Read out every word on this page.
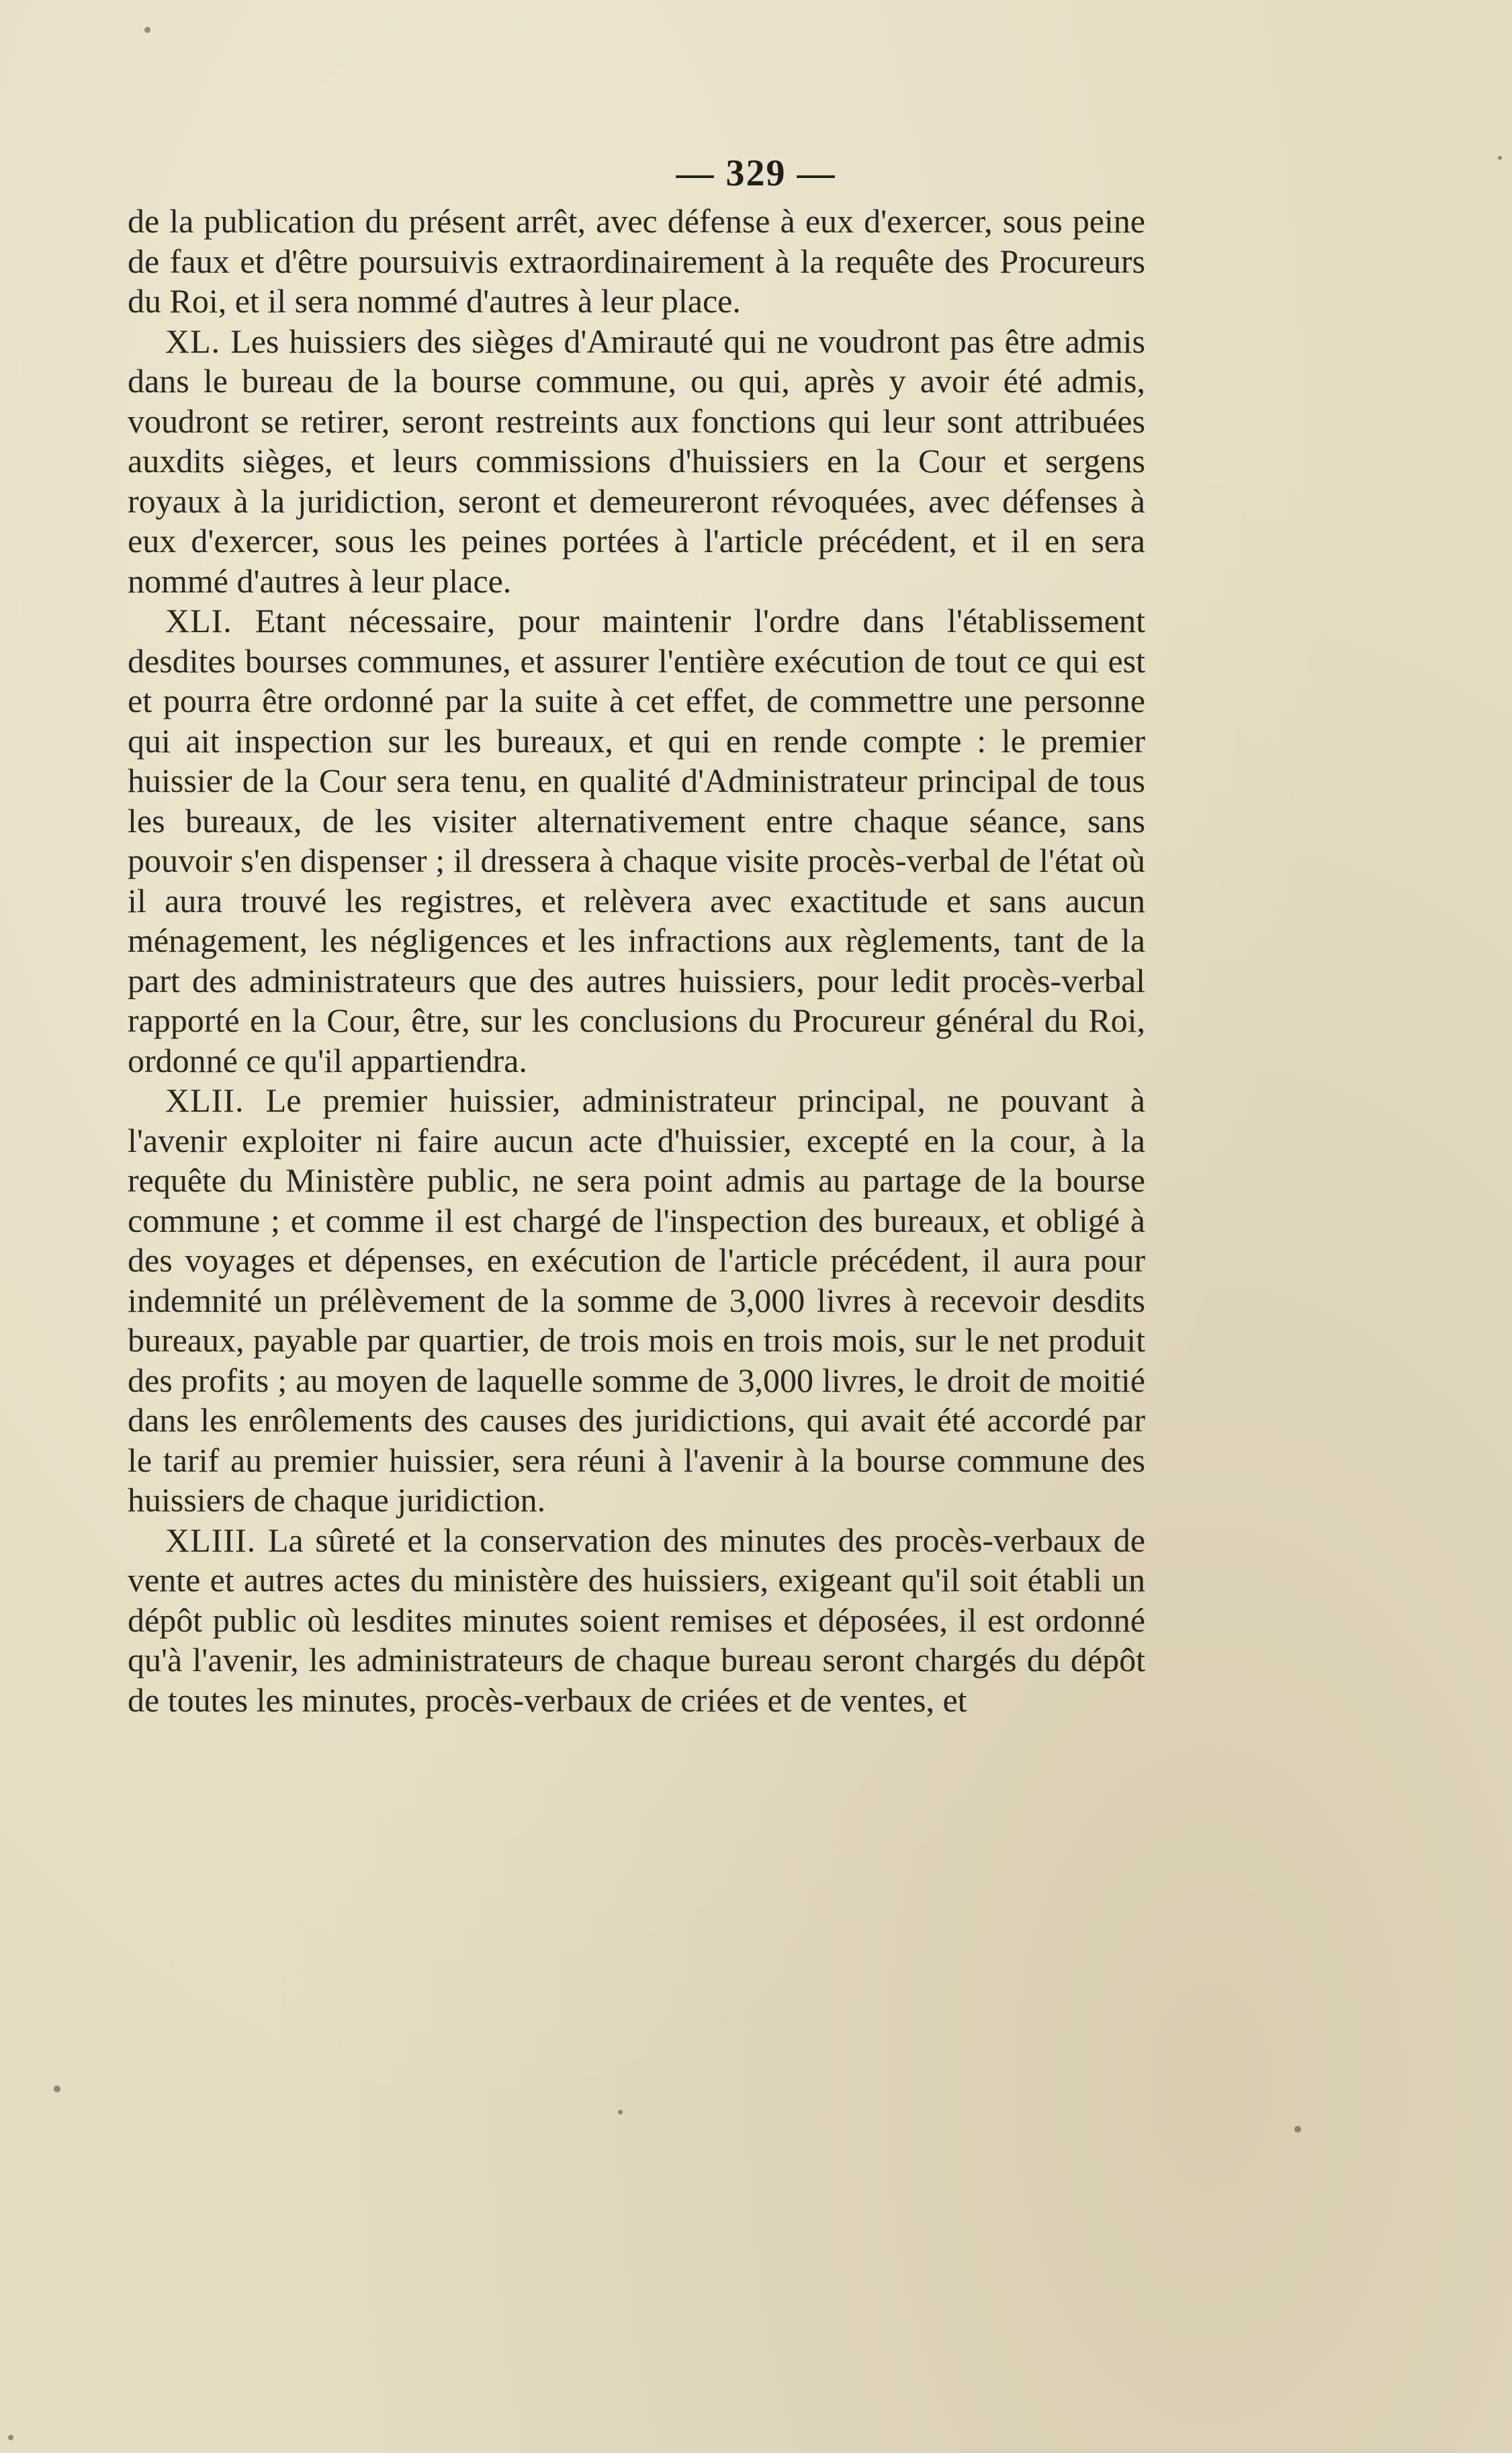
— 329 —

de la publication du présent arrêt, avec défense à eux d'exercer, sous peine de faux et d'être poursuivis extraordinairement à la requête des Procureurs du Roi, et il sera nommé d'autres à leur place.

XL. Les huissiers des sièges d'Amirauté qui ne voudront pas être admis dans le bureau de la bourse commune, ou qui, après y avoir été admis, voudront se retirer, seront restreints aux fonctions qui leur sont attribuées auxdits sièges, et leurs commissions d'huissiers en la Cour et sergens royaux à la juridiction, seront et demeureront révoquées, avec défenses à eux d'exercer, sous les peines portées à l'article précédent, et il en sera nommé d'autres à leur place.

XLI. Etant nécessaire, pour maintenir l'ordre dans l'établissement desdites bourses communes, et assurer l'entière exécution de tout ce qui est et pourra être ordonné par la suite à cet effet, de commettre une personne qui ait inspection sur les bureaux, et qui en rende compte : le premier huissier de la Cour sera tenu, en qualité d'Administrateur principal de tous les bureaux, de les visiter alternativement entre chaque séance, sans pouvoir s'en dispenser ; il dressera à chaque visite procès-verbal de l'état où il aura trouvé les registres, et relèvera avec exactitude et sans aucun ménagement, les négligences et les infractions aux règlements, tant de la part des administrateurs que des autres huissiers, pour ledit procès-verbal rapporté en la Cour, être, sur les conclusions du Procureur général du Roi, ordonné ce qu'il appartiendra.

XLII. Le premier huissier, administrateur principal, ne pouvant à l'avenir exploiter ni faire aucun acte d'huissier, excepté en la cour, à la requête du Ministère public, ne sera point admis au partage de la bourse commune ; et comme il est chargé de l'inspection des bureaux, et obligé à des voyages et dépenses, en exécution de l'article précédent, il aura pour indemnité un prélèvement de la somme de 3,000 livres à recevoir desdits bureaux, payable par quartier, de trois mois en trois mois, sur le net produit des profits ; au moyen de laquelle somme de 3,000 livres, le droit de moitié dans les enrôlements des causes des juridictions, qui avait été accordé par le tarif au premier huissier, sera réuni à l'avenir à la bourse commune des huissiers de chaque juridiction.

XLIII. La sûreté et la conservation des minutes des procès-verbaux de vente et autres actes du ministère des huissiers, exigeant qu'il soit établi un dépôt public où lesdites minutes soient remises et déposées, il est ordonné qu'à l'avenir, les administrateurs de chaque bureau seront chargés du dépôt de toutes les minutes, procès-verbaux de criées et de ventes, et
